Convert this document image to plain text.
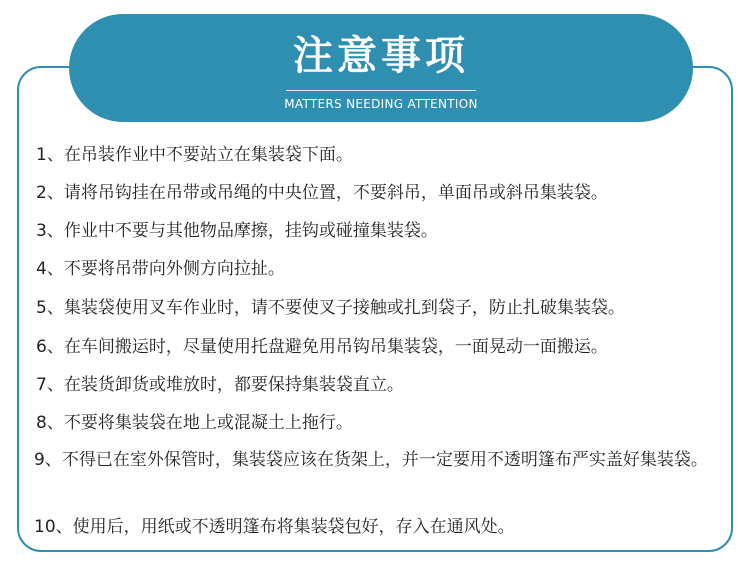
注意事项
MATTERS NEEDING ATTENTION
1、在吊装作业中不要站立在集装袋下面。
2、请将吊钩挂在吊带或吊绳的中央位置，不要斜吊，单面吊或斜吊集装袋。
3、作业中不要与其他物品摩擦，挂钩或碰撞集装袋。
4、不要将吊带向外侧方向拉扯。
5、集装袋使用叉车作业时，请不要使叉子接触或扎到袋子，防止扎破集装袋。
6、在车间搬运时，尽量使用托盘避免用吊钩吊集装袋，一面晃动一面搬运。
7、在装货卸货或堆放时，都要保持集装袋直立。
8、不要将集装袋在地上或混凝土上拖行。
9、不得已在室外保管时，集装袋应该在货架上，并一定要用不透明篷布严实盖好集装袋。
10、使用后，用纸或不透明篷布将集装袋包好，存入在通风处。
